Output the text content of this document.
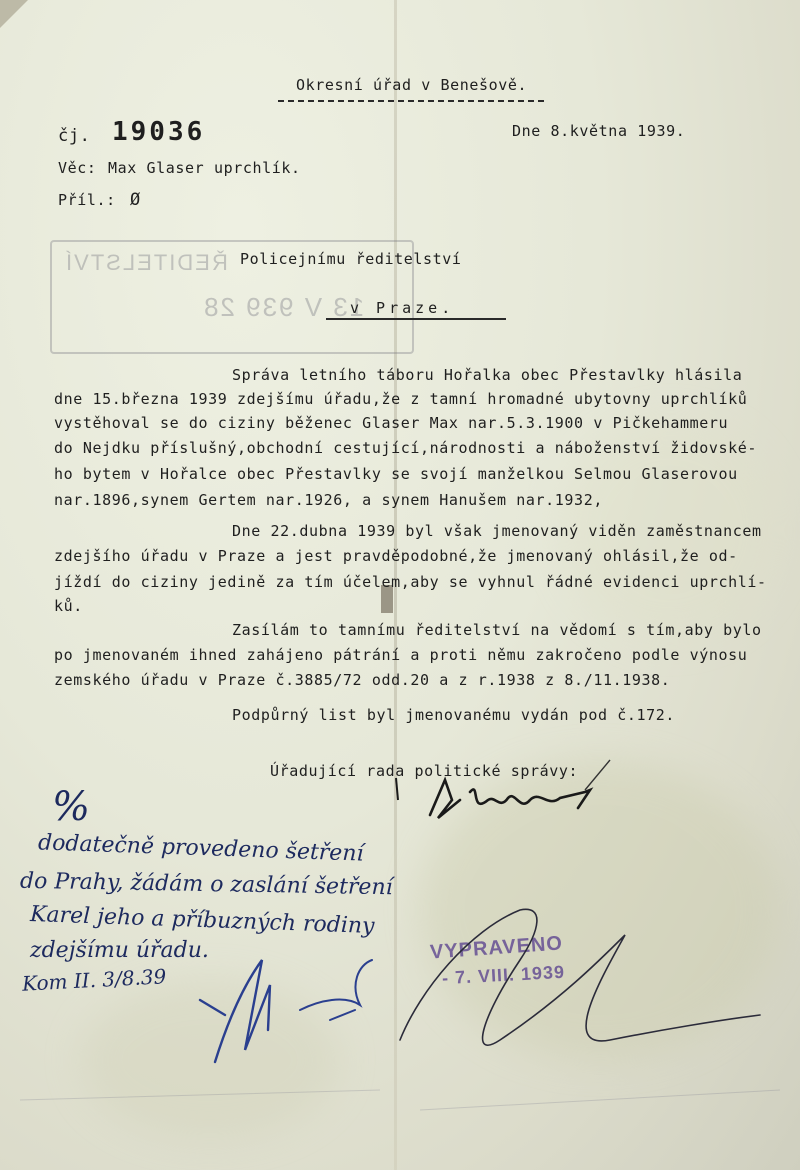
ŘEDITELSTVÍ
13 V 939 28
Okresní úřad v Benešově.
čj. 19036	Dne 8.května 1939.
Věc: Max Glaser uprchlík.
Příl.: Ø
Policejnímu ředitelství
v Praze.
Správa letního táboru Hořalka obec Přestavlky hlásila
dne 15.března 1939 zdejšímu úřadu,že z tamní hromadné ubytovny uprchlíků
vystěhoval se do ciziny běženec Glaser Max nar.5.3.1900 v Pičkehammeru
do Nejdku příslušný,obchodní cestující,národnosti a náboženství židovské-
ho bytem v Hořalce obec Přestavlky se svojí manželkou Selmou Glaserovou
nar.1896,synem Gertem nar.1926, a synem Hanušem nar.1932,
Dne 22.dubna 1939 byl však jmenovaný viděn zaměstnancem
zdejšího úřadu v Praze a jest pravděpodobné,že jmenovaný ohlásil,že od-
jíždí do ciziny jedině za tím účelem,aby se vyhnul řádné evidenci uprchlí-
ků.
Zasílám to tamnímu ředitelství na vědomí s tím,aby bylo
po jmenovaném ihned zahájeno pátrání a proti němu zakročeno podle výnosu
zemského úřadu v Praze č.3885/72 odd.20 a z r.1938 z 8./11.1938.
Podpůrný list byl jmenovanému vydán pod č.172.
Úřadující rada politické správy:
%
dodatečně provedeno šetření
do Prahy, žádám o zaslání šetření
Karel jeho a příbuzných rodiny
zdejšímu úřadu.
Kom II. 3/8.39
VYPRAVENO
- 7. VIII. 1939
